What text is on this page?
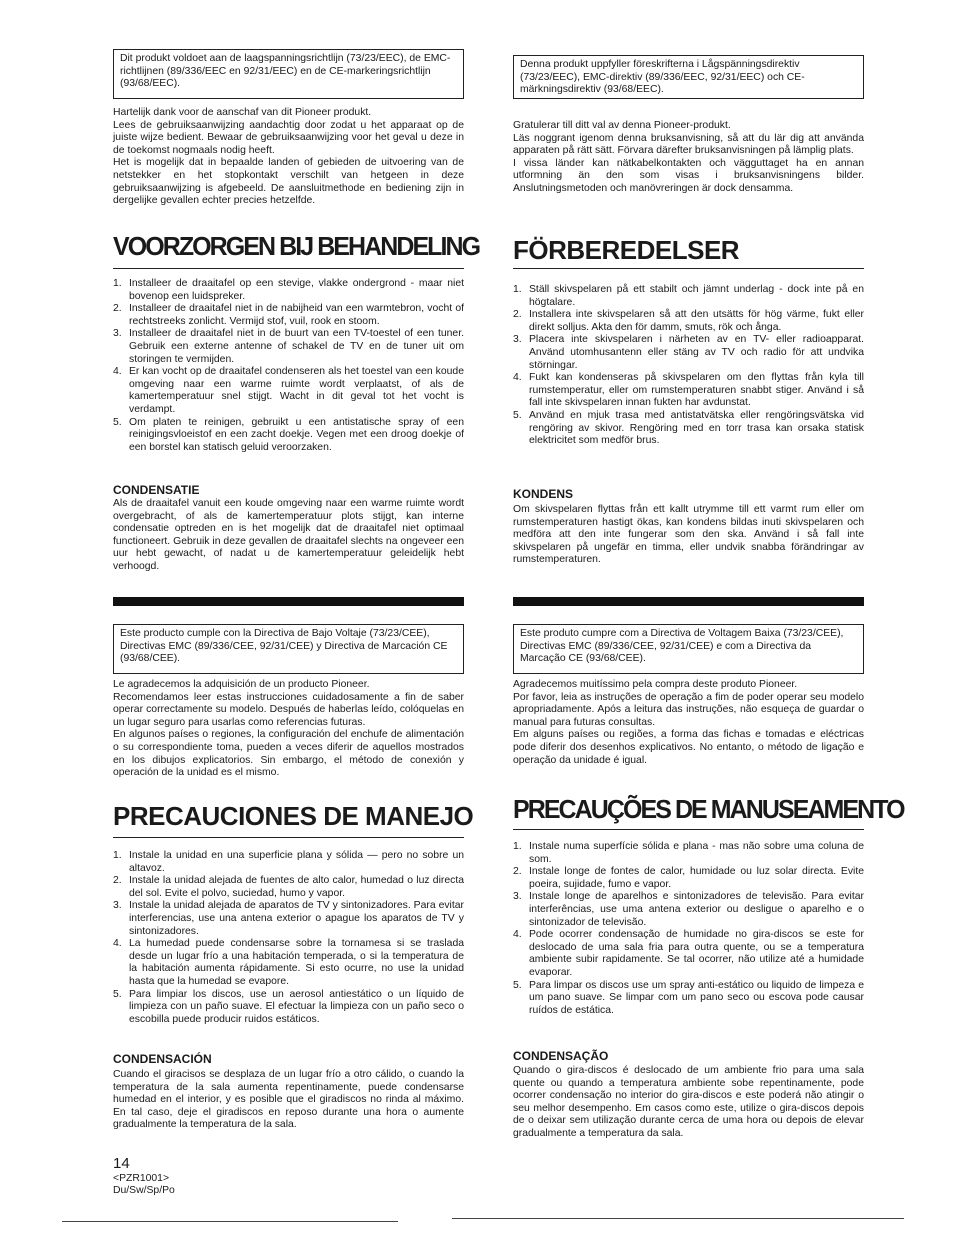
Dit produkt voldoet aan de laagspanningsrichtlijn (73/23/EEC), de EMC-richtlijnen (89/336/EEC en 92/31/EEC) en de CE-markeringsrichtlijn (93/68/EEC).
Hartelijk dank voor de aanschaf van dit Pioneer produkt.
Lees de gebruiksaanwijzing aandachtig door zodat u het apparaat op de juiste wijze bedient. Bewaar de gebruiksaanwijzing voor het geval u deze in de toekomst nogmaals nodig heeft.
Het is mogelijk dat in bepaalde landen of gebieden de uitvoering van de netstekker en het stopkontakt verschilt van hetgeen in deze gebruiksaanwijzing is afgebeeld. De aansluitmethode en bediening zijn in dergelijke gevallen echter precies hetzelfde.
VOORZORGEN BIJ BEHANDELING
1. Installeer de draaitafel op een stevige, vlakke ondergrond - maar niet bovenop een luidspreker.
2. Installeer de draaitafel niet in de nabijheid van een warmtebron, vocht of rechtstreeks zonlicht. Vermijd stof, vuil, rook en stoom.
3. Installeer de draaitafel niet in de buurt van een TV-toestel of een tuner. Gebruik een externe antenne of schakel de TV en de tuner uit om storingen te vermijden.
4. Er kan vocht op de draaitafel condenseren als het toestel van een koude omgeving naar een warme ruimte wordt verplaatst, of als de kamertemperatuur snel stijgt. Wacht in dit geval tot het vocht is verdampt.
5. Om platen te reinigen, gebruikt u een antistatische spray of een reinigingsvloeistof en een zacht doekje. Vegen met een droog doekje of een borstel kan statisch geluid veroorzaken.
CONDENSATIE

Als de draaitafel vanuit een koude omgeving naar een warme ruimte wordt overgebracht, of als de kamertemperatuur plots stijgt, kan interne condensatie optreden en is het mogelijk dat de draaitafel niet optimaal functioneert. Gebruik in deze gevallen de draaitafel slechts na ongeveer een uur hebt gewacht, of nadat u de kamertemperatuur geleidelijk hebt verhoogd.

Denna produkt uppfyller föreskrifterna i Lågspänningsdirektiv (73/23/EEC), EMC-direktiv (89/336/EEC, 92/31/EEC) och CE-märkningsdirektiv (93/68/EEC).
Gratulerar till ditt val av denna Pioneer-produkt.
Läs noggrant igenom denna bruksanvisning, så att du lär dig att använda apparaten på rätt sätt. Förvara därefter bruksanvisningen på lämplig plats.
I vissa länder kan nätkabelkontakten och vägguttaget ha en annan utformning än den som visas i bruksanvisningens bilder. Anslutningsmetoden och manövreringen är dock densamma.
FÖRBEREDELSER
1. Ställ skivspelaren på ett stabilt och jämnt underlag - dock inte på en högtalare.
2. Installera inte skivspelaren så att den utsätts för hög värme, fukt eller direkt solljus. Akta den för damm, smuts, rök och ånga.
3. Placera inte skivspelaren i närheten av en TV- eller radioapparat. Använd utomhusantenn eller stäng av TV och radio för att undvika störningar.
4. Fukt kan kondenseras på skivspelaren om den flyttas från kyla till rumstemperatur, eller om rumstemperaturen snabbt stiger. Använd i så fall inte skivspelaren innan fukten har avdunstat.
5. Använd en mjuk trasa med antistatvätska eller rengöringsvätska vid rengöring av skivor. Rengöring med en torr trasa kan orsaka statisk elektricitet som medför brus.
KONDENS

Om skivspelaren flyttas från ett kallt utrymme till ett varmt rum eller om rumstemperaturen hastigt ökas, kan kondens bildas inuti skivspelaren och medföra att den inte fungerar som den ska. Använd i så fall inte skivspelaren på ungefär en timma, eller undvik snabba förändringar av rumstemperaturen.

Este producto cumple con la Directiva de Bajo Voltaje (73/23/CEE), Directivas EMC (89/336/CEE, 92/31/CEE) y Directiva de Marcación CE (93/68/CEE).
Le agradecemos la adquisición de un producto Pioneer.
Recomendamos leer estas instrucciones cuidadosamente a fin de saber operar correctamente su modelo. Después de haberlas leído, colóquelas en un lugar seguro para usarlas como referencias futuras.
En algunos países o regiones, la configuración del enchufe de alimentación o su correspondiente toma, pueden a veces diferir de aquellos mostrados en los dibujos explicatorios. Sin embargo, el método de conexión y operación de la unidad es el mismo.
PRECAUCIONES DE MANEJO
1. Instale la unidad en una superficie plana y sólida — pero no sobre un altavoz.
2. Instale la unidad alejada de fuentes de alto calor, humedad o luz directa del sol. Evite el polvo, suciedad, humo y vapor.
3. Instale la unidad alejada de aparatos de TV y sintonizadores. Para evitar interferencias, use una antena exterior o apague los aparatos de TV y sintonizadores.
4. La humedad puede condensarse sobre la tornamesa si se traslada desde un lugar frío a una habitación temperada, o si la temperatura de la habitación aumenta rápidamente. Si esto ocurre, no use la unidad hasta que la humedad se evapore.
5. Para limpiar los discos, use un aerosol antiestático o un líquido de limpieza con un paño suave. El efectuar la limpieza con un paño seco o escobilla puede producir ruidos estáticos.
CONDENSACIÓN

Cuando el giracisos se desplaza de un lugar frío a otro cálido, o cuando la temperatura de la sala aumenta repentinamente, puede condensarse humedad en el interior, y es posible que el giradiscos no rinda al máximo. En tal caso, deje el giradiscos en reposo durante una hora o aumente gradualmente la temperatura de la sala.

Este produto cumpre com a Directiva de Voltagem Baixa (73/23/CEE), Directivas EMC (89/336/CEE, 92/31/CEE) e com a Directiva da Marcação CE (93/68/CEE).
Agradecemos muitíssimo pela compra deste produto Pioneer.
Por favor, leia as instruções de operação a fim de poder operar seu modelo apropriadamente. Após a leitura das instruções, não esqueça de guardar o manual para futuras consultas.
Em alguns países ou regiões, a forma das fichas e tomadas e eléctricas pode diferir dos desenhos explicativos. No entanto, o método de ligação e operação da unidade é igual.
PRECAUÇÕES DE MANUSEAMENTO
1. Instale numa superfície sólida e plana - mas não sobre uma coluna de som.
2. Instale longe de fontes de calor, humidade ou luz solar directa. Evite poeira, sujidade, fumo e vapor.
3. Instale longe de aparelhos e sintonizadores de televisão. Para evitar interferências, use uma antena exterior ou desligue o aparelho e o sintonizador de televisão.
4. Pode ocorrer condensação de humidade no gira-discos se este for deslocado de uma sala fria para outra quente, ou se a temperatura ambiente subir rapidamente. Se tal ocorrer, não utilize até a humidade evaporar.
5. Para limpar os discos use um spray anti-estático ou liquido de limpeza e um pano suave. Se limpar com um pano seco ou escova pode causar ruídos de estática.
CONDENSAÇÃO

Quando o gira-discos é deslocado de um ambiente frio para uma sala quente ou quando a temperatura ambiente sobe repentinamente, pode ocorrer condensação no interior do gira-discos e este poderá não atingir o seu melhor desempenho. Em casos como este, utilize o gira-discos depois de o deixar sem utilização durante cerca de uma hora ou depois de elevar gradualmente a temperatura da sala.

14
<PZR1001>
Du/Sw/Sp/Po
